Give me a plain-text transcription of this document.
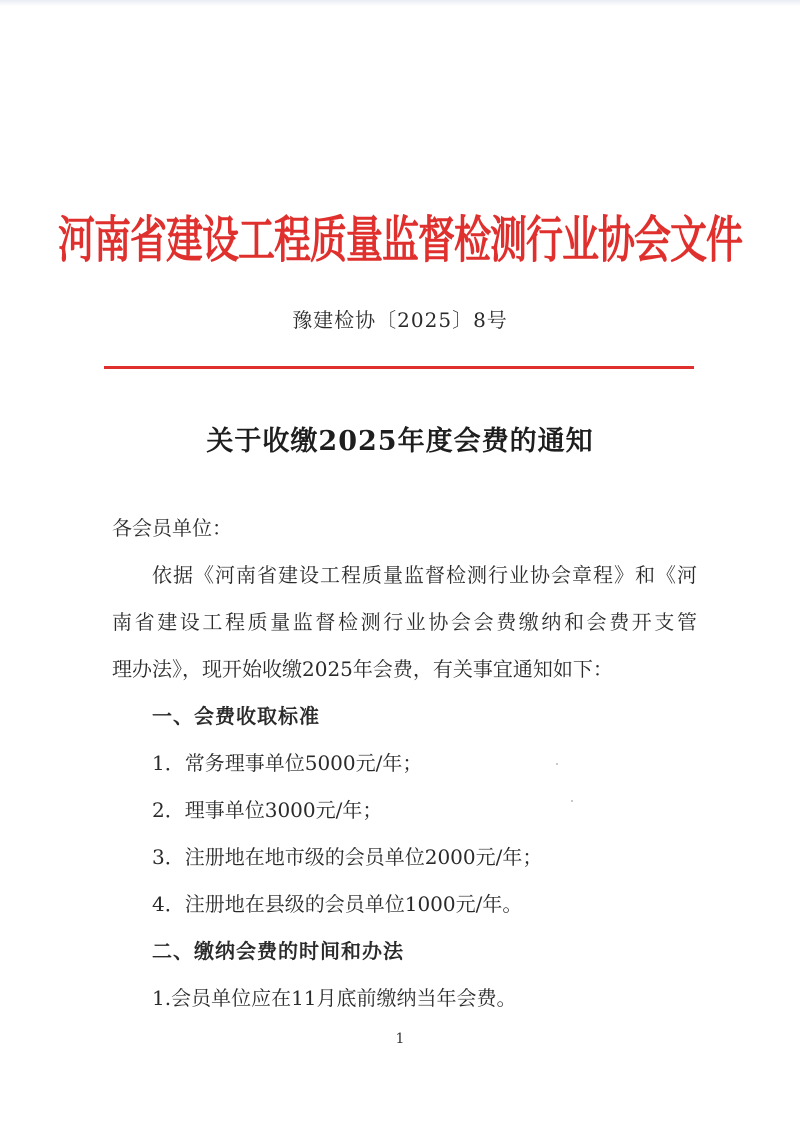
河南省建设工程质量监督检测行业协会文件
豫建检协〔2025〕8号
关于收缴2025年度会费的通知
各会员单位：
依据《河南省建设工程质量监督检测行业协会章程》和《河
南省建设工程质量监督检测行业协会会费缴纳和会费开支管
理办法》，现开始收缴2025年会费，有关事宜通知如下：
一、会费收取标准
1．常务理事单位5000元/年；
2．理事单位3000元/年；
3．注册地在地市级的会员单位2000元/年；
4．注册地在县级的会员单位1000元/年。
二、缴纳会费的时间和办法
1.会员单位应在11月底前缴纳当年会费。
1
